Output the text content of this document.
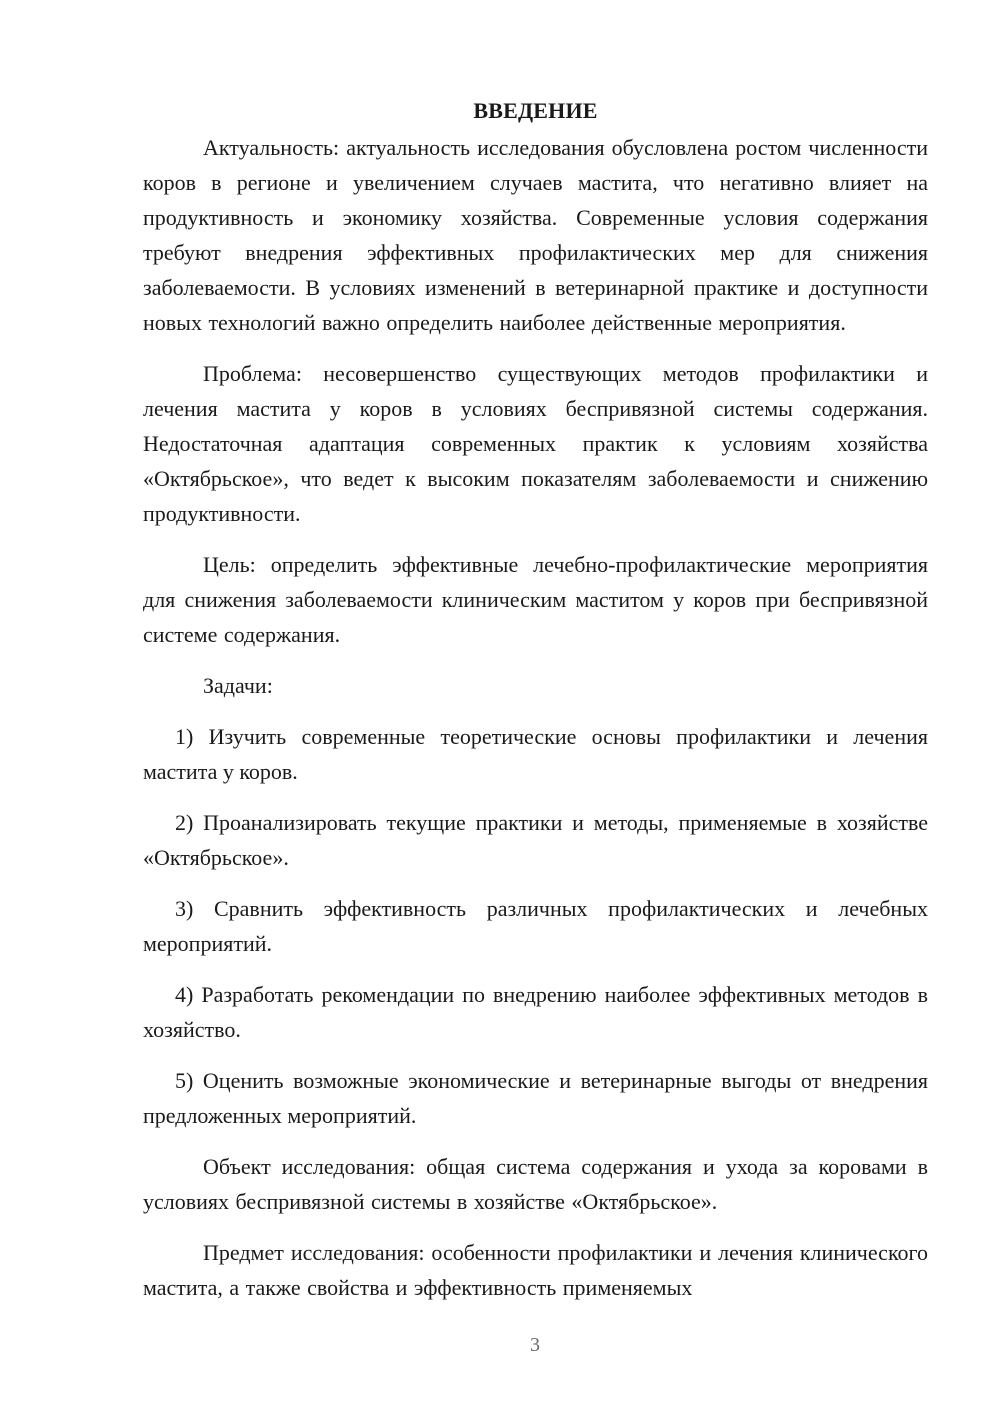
ВВЕДЕНИЕ

Актуальность: актуальность исследования обусловлена ростом численности коров в регионе и увеличением случаев мастита, что негативно влияет на продуктивность и экономику хозяйства. Современные условия содержания требуют внедрения эффективных профилактических мер для снижения заболеваемости. В условиях изменений в ветеринарной практике и доступности новых технологий важно определить наиболее действенные мероприятия.

Проблема: несовершенство существующих методов профилактики и лечения мастита у коров в условиях беспривязной системы содержания. Недостаточная адаптация современных практик к условиям хозяйства «Октябрьское», что ведет к высоким показателям заболеваемости и снижению продуктивности.

Цель: определить эффективные лечебно-профилактические мероприятия для снижения заболеваемости клиническим маститом у коров при беспривязной системе содержания.

Задачи:

1) Изучить современные теоретические основы профилактики и лечения мастита у коров.

2) Проанализировать текущие практики и методы, применяемые в хозяйстве «Октябрьское».

3) Сравнить эффективность различных профилактических и лечебных мероприятий.

4) Разработать рекомендации по внедрению наиболее эффективных методов в хозяйство.

5) Оценить возможные экономические и ветеринарные выгоды от внедрения предложенных мероприятий.

Объект исследования: общая система содержания и ухода за коровами в условиях беспривязной системы в хозяйстве «Октябрьское».

Предмет исследования: особенности профилактики и лечения клинического мастита, а также свойства и эффективность применяемых

3
